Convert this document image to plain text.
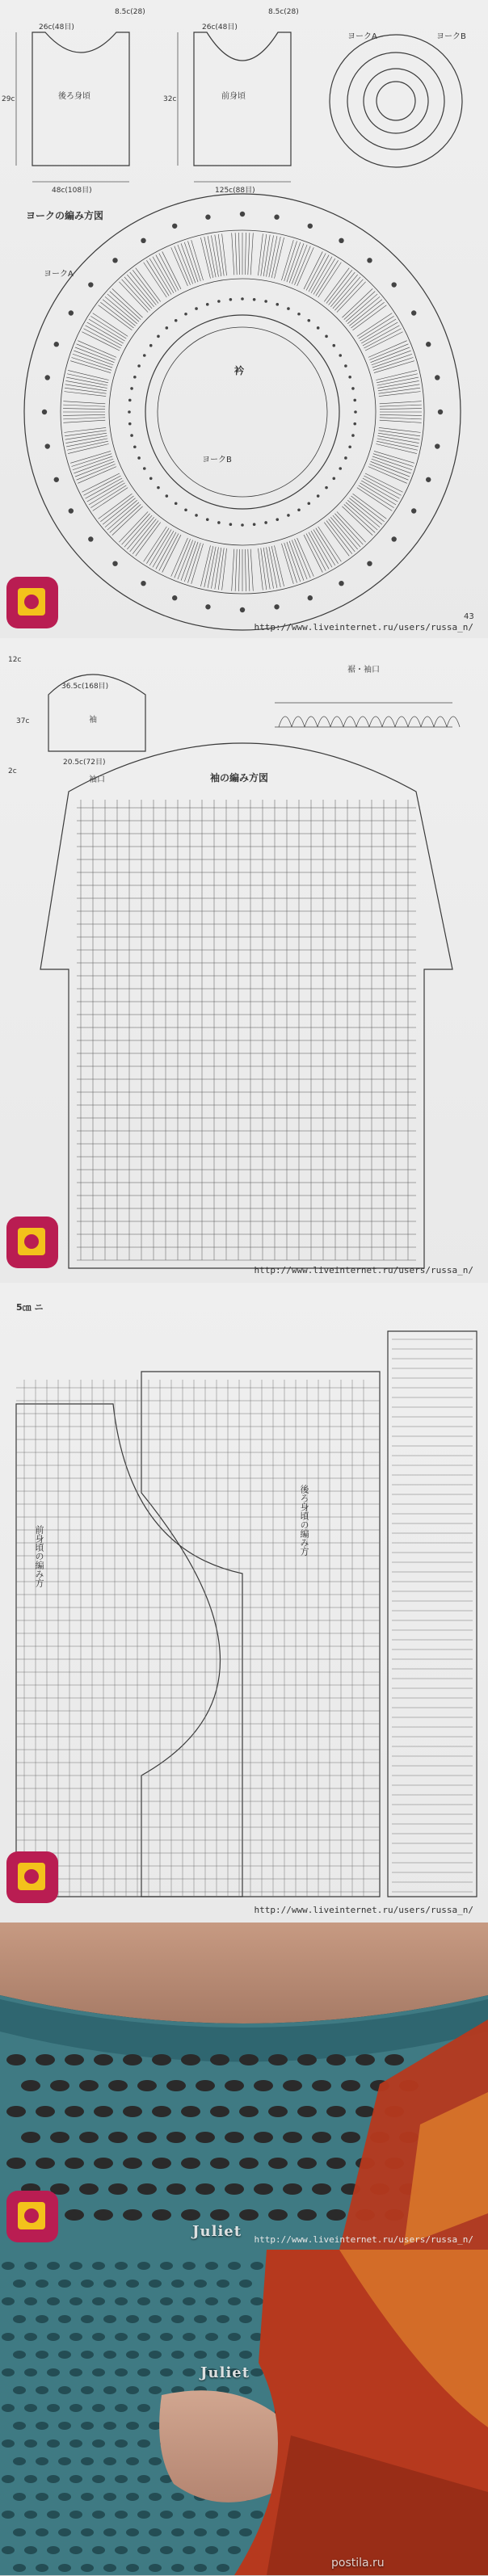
後ろ身頃	前身頃
ヨークA	ヨークB
ヨークの編み方図
衿
ヨークA
ヨークB
43
26c(48目)
8.5c(28)	8.5c(28)
26c(48目)
29c	32c
48c(108目)	125c(88目)
http://www.liveinternet.ru/users/russa_n/
袖
裾・袖口
袖の編み方図
袖口
12c
36.5c(168目)
37c
20.5c(72目)
2c
http://www.liveinternet.ru/users/russa_n/
前身頃の編み方
後ろ身頃の編み方
5㎝ ニ
http://www.liveinternet.ru/users/russa_n/
Juliet http://www.liveinternet.ru/users/russa_n/
Juliet
postila.ru
